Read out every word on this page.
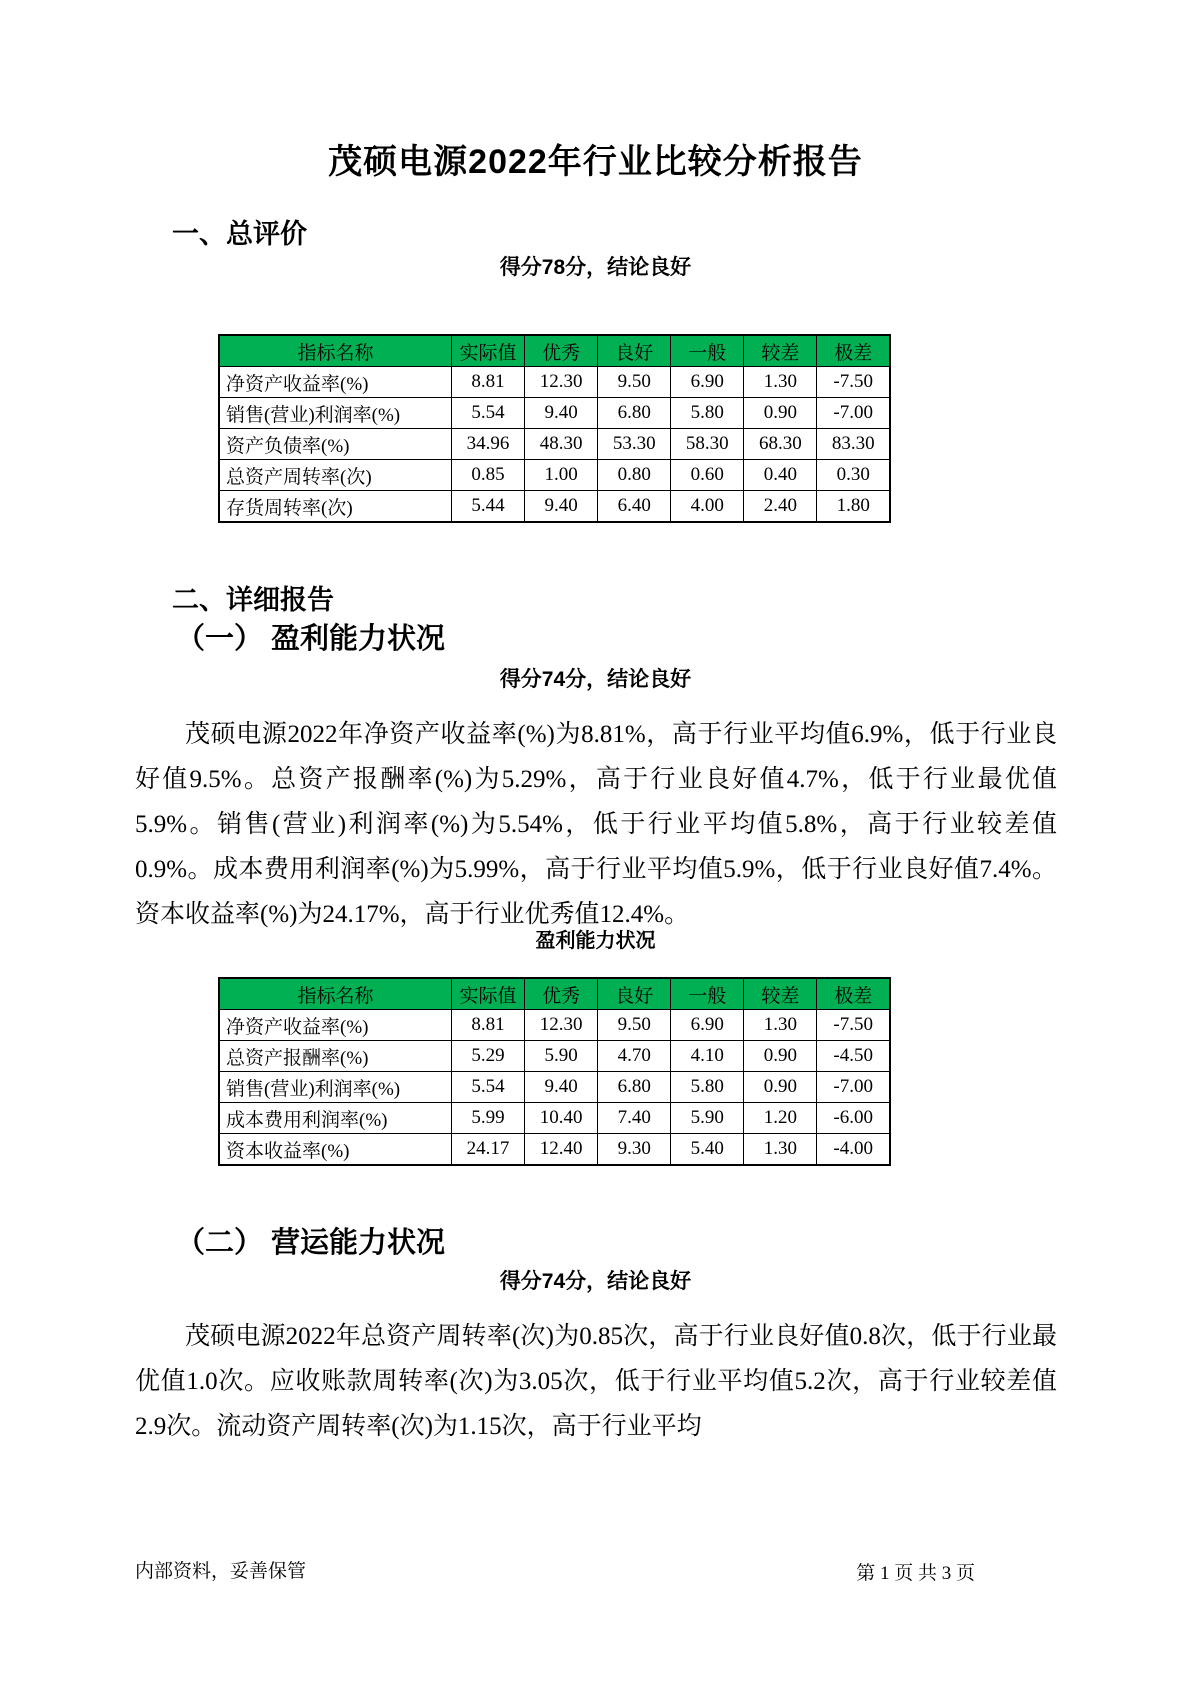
茂硕电源2022年行业比较分析报告
一、总评价
得分78分，结论良好
指标名称	实际值	优秀	良好	一般	较差	极差
净资产收益率(%)	8.81	12.30	9.50	6.90	1.30	-7.50
销售(营业)利润率(%)	5.54	9.40	6.80	5.80	0.90	-7.00
资产负债率(%)	34.96	48.30	53.30	58.30	68.30	83.30
总资产周转率(次)	0.85	1.00	0.80	0.60	0.40	0.30
存货周转率(次)	5.44	9.40	6.40	4.00	2.40	1.80
二、详细报告
（一） 盈利能力状况
得分74分，结论良好
茂硕电源2022年净资产收益率(%)为8.81%，高于行业平均值6.9%，低于行业良好值9.5%。总资产报酬率(%)为5.29%，高于行业良好值4.7%，低于行业最优值5.9%。销售(营业)利润率(%)为5.54%，低于行业平均值5.8%，高于行业较差值0.9%。成本费用利润率(%)为5.99%，高于行业平均值5.9%，低于行业良好值7.4%。资本收益率(%)为24.17%，高于行业优秀值12.4%。
盈利能力状况
指标名称	实际值	优秀	良好	一般	较差	极差
净资产收益率(%)	8.81	12.30	9.50	6.90	1.30	-7.50
总资产报酬率(%)	5.29	5.90	4.70	4.10	0.90	-4.50
销售(营业)利润率(%)	5.54	9.40	6.80	5.80	0.90	-7.00
成本费用利润率(%)	5.99	10.40	7.40	5.90	1.20	-6.00
资本收益率(%)	24.17	12.40	9.30	5.40	1.30	-4.00
（二） 营运能力状况
得分74分，结论良好
茂硕电源2022年总资产周转率(次)为0.85次，高于行业良好值0.8次，低于行业最优值1.0次。应收账款周转率(次)为3.05次，低于行业平均值5.2次，高于行业较差值2.9次。流动资产周转率(次)为1.15次，高于行业平均
内部资料，妥善保管	第 1 页 共 3 页
